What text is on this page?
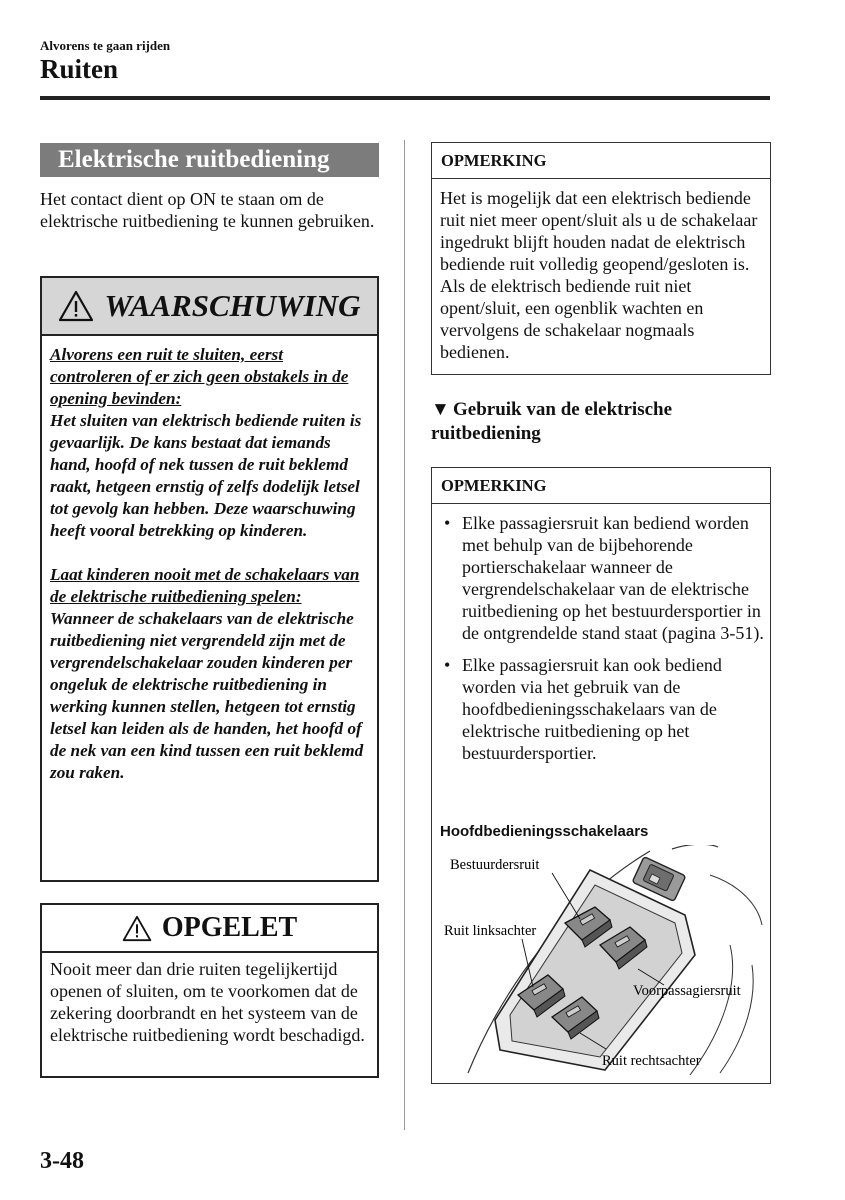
Alvorens te gaan rijden
Ruiten
Elektrische ruitbediening
Het contact dient op ON te staan om de elektrische ruitbediening te kunnen gebruiken.
WAARSCHUWING

Alvorens een ruit te sluiten, eerst controleren of er zich geen obstakels in de opening bevinden:
Het sluiten van elektrisch bediende ruiten is gevaarlijk. De kans bestaat dat iemands hand, hoofd of nek tussen de ruit beklemd raakt, hetgeen ernstig of zelfs dodelijk letsel tot gevolg kan hebben. Deze waarschuwing heeft vooral betrekking op kinderen.

Laat kinderen nooit met de schakelaars van de elektrische ruitbediening spelen:
Wanneer de schakelaars van de elektrische ruitbediening niet vergrendeld zijn met de vergrendelschakelaar zouden kinderen per ongeluk de elektrische ruitbediening in werking kunnen stellen, hetgeen tot ernstig letsel kan leiden als de handen, het hoofd of de nek van een kind tussen een ruit beklemd zou raken.

OPGELET
Nooit meer dan drie ruiten tegelijkertijd openen of sluiten, om te voorkomen dat de zekering doorbrandt en het systeem van de elektrische ruitbediening wordt beschadigd.
OPMERKING
Het is mogelijk dat een elektrisch bediende ruit niet meer opent/sluit als u de schakelaar ingedrukt blijft houden nadat de elektrisch bediende ruit volledig geopend/gesloten is. Als de elektrisch bediende ruit niet opent/sluit, een ogenblik wachten en vervolgens de schakelaar nogmaals bedienen.
▼ Gebruik van de elektrische ruitbediening
OPMERKING
• Elke passagiersruit kan bediend worden met behulp van de bijbehorende portierschakelaar wanneer de vergrendelschakelaar van de elektrische ruitbediening op het bestuurdersportier in de ontgrendelde stand staat (pagina 3-51).
• Elke passagiersruit kan ook bediend worden via het gebruik van de hoofdbedieningsschakelaars van de elektrische ruitbediening op het bestuurdersportier.
Hoofdbedieningsschakelaars
Bestuurdersruit
Ruit linksachter
Voorpassagiersruit
Ruit rechtsachter
3-48
